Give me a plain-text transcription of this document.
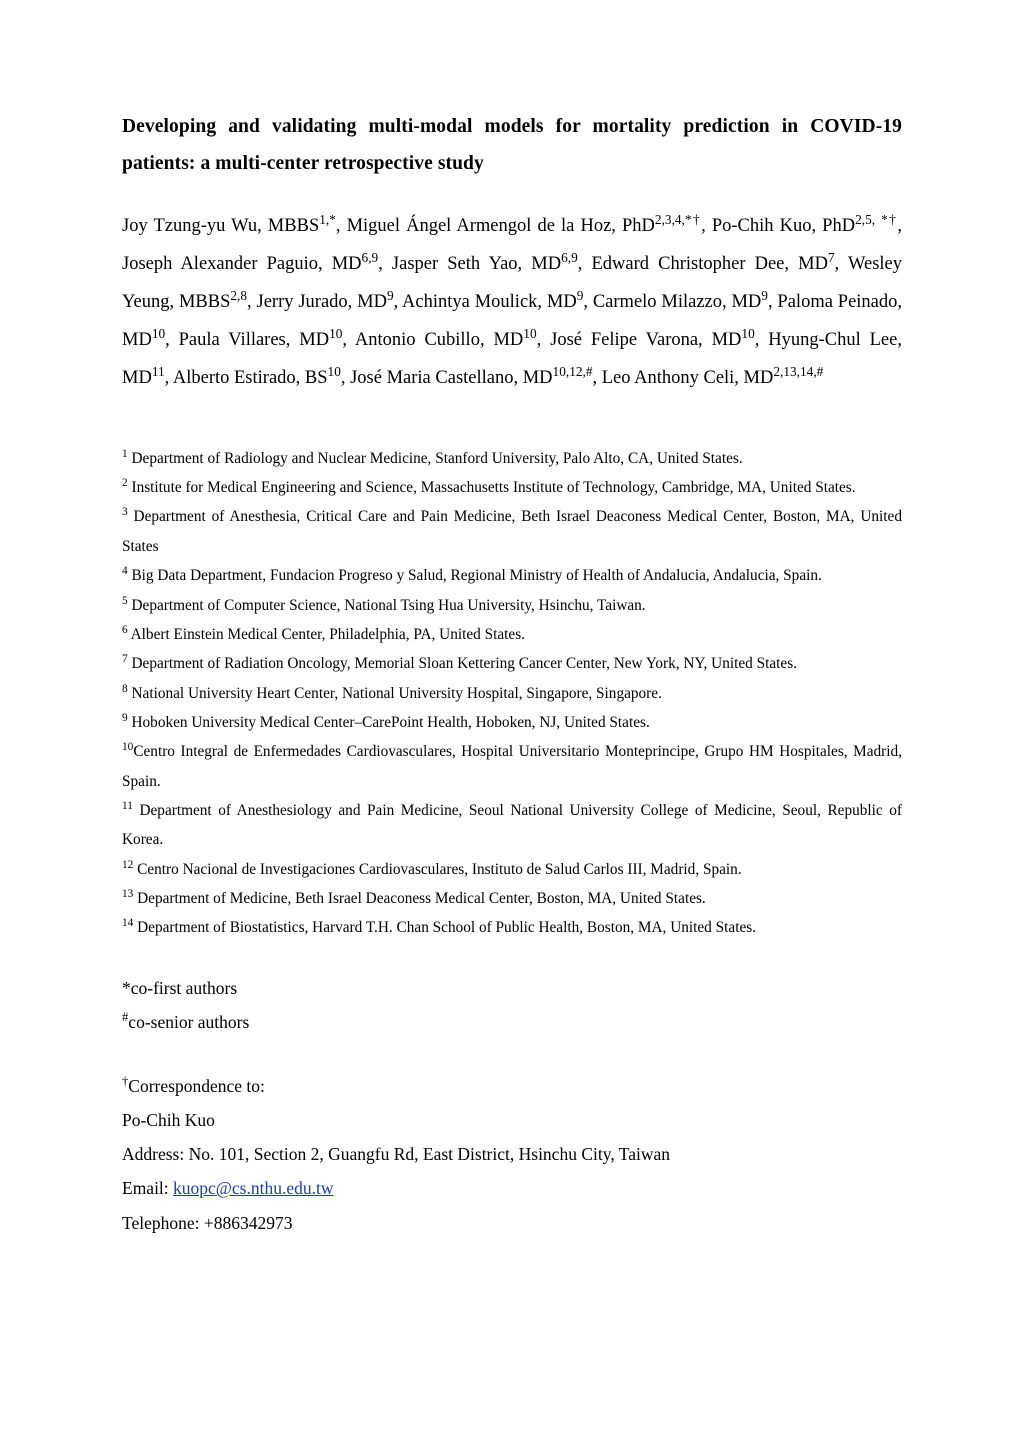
Developing and validating multi-modal models for mortality prediction in COVID-19 patients: a multi-center retrospective study
Joy Tzung-yu Wu, $MBBS^{1,*}$, Miguel Ángel Armengol de la Hoz, PhD$^{2,3,4,*\dagger}$, Po-Chih Kuo, PhD$^{2,5,}$ *†, Joseph Alexander Paguio, MD$^{6,9}$, Jasper Seth Yao, MD$^{6,9}$, Edward Christopher Dee, $MD^7$, Wesley Yeung, MBBS$^{2,8}$, Jerry Jurado, $MD^9$, Achintya Moulick, $MD^9$, Carmelo Milazzo, $MD^9$, Paloma Peinado, MD$^{10}$, Paula Villares, MD$^{10}$, Antonio Cubillo, MD$^{10}$, José Felipe Varona, MD$^{10}$, Hyung-Chul Lee, MD$^{11}$, Alberto Estirado, BS$^{10}$, José Maria Castellano, $MD^{10,12,\#}$, Leo Anthony Celi, $MD^{2,13,14,\#}$

$^1$ Department of Radiology and Nuclear Medicine, Stanford University, Palo Alto, CA, United States.

$^2$ Institute for Medical Engineering and Science, Massachusetts Institute of Technology, Cambridge, MA, United States.

$^3$ Department of Anesthesia, Critical Care and Pain Medicine, Beth Israel Deaconess Medical Center, Boston, MA, United States

$^4$ Big Data Department, Fundacion Progreso y Salud, Regional Ministry of Health of Andalucia, Andalucia, Spain.

$^5$ Department of Computer Science, National Tsing Hua University, Hsinchu, Taiwan.

$^6$ Albert Einstein Medical Center, Philadelphia, PA, United States.

$^7$ Department of Radiation Oncology, Memorial Sloan Kettering Cancer Center, New York, NY, United States.

$^8$ National University Heart Center, National University Hospital, Singapore, Singapore.

$^9$ Hoboken University Medical Center–CarePoint Health, Hoboken, NJ, United States.

$^{10}$Centro Integral de Enfermedades Cardiovasculares, Hospital Universitario Monteprincipe, Grupo HM Hospitales, Madrid, Spain.

$^{11}$ Department of Anesthesiology and Pain Medicine, Seoul National University College of Medicine, Seoul, Republic of Korea.

$^{12}$ Centro Nacional de Investigaciones Cardiovasculares, Instituto de Salud Carlos III, Madrid, Spain.

$^{13}$ Department of Medicine, Beth Israel Deaconess Medical Center, Boston, MA, United States.

$^{14}$ Department of Biostatistics, Harvard T.H. Chan School of Public Health, Boston, MA, United States.

*co-first authors

#co-senior authors

†Correspondence to:

Po-Chih Kuo

Address: No. 101, Section 2, Guangfu Rd, East District, Hsinchu City, Taiwan

Email: kuopc@cs.nthu.edu.tw

Telephone: +886342973
